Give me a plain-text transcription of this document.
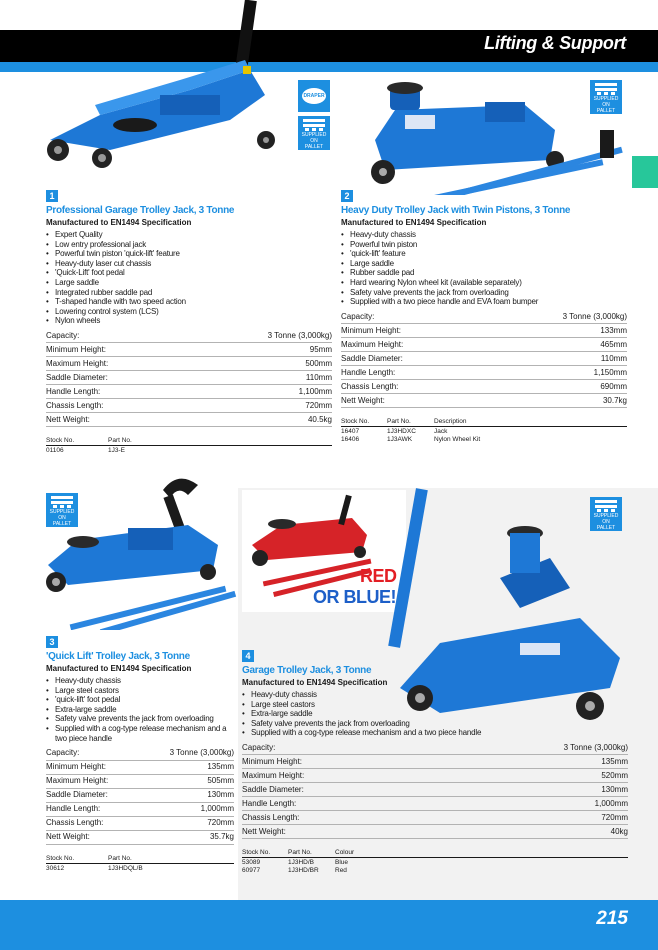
Lifting & Support
DRAPER
SUPPLIED ON
PALLET
SUPPLIED ON
PALLET
SUPPLIED ON
PALLET
RED
OR BLUE!
SUPPLIED ON
PALLET
1
Professional Garage Trolley Jack, 3 Tonne
Manufactured to EN1494 Specification
• Expert Quality
• Low entry professional jack
• Powerful twin piston 'quick-lift' feature
• Heavy-duty laser cut chassis
• 'Quick-Lift' foot pedal
• Large saddle
• Integrated rubber saddle pad
• T-shaped handle with two speed action
• Lowering control system (LCS)
• Nylon wheels
Capacity:	3 Tonne (3,000kg)
Minimum Height:	95mm
Maximum Height:	500mm
Saddle Diameter:	110mm
Handle Length:	1,100mm
Chassis Length:	720mm
Nett Weight:	40.5kg
Stock No.	Part No.
01106	1J3-E
2
Heavy Duty Trolley Jack with Twin Pistons, 3 Tonne
Manufactured to EN1494 Specification
• Heavy-duty chassis
• Powerful twin piston
• 'quick-lift' feature
• Large saddle
• Rubber saddle pad
• Hard wearing Nylon wheel kit (available separately)
• Safety valve prevents the jack from overloading
• Supplied with a two piece handle and EVA foam bumper
Capacity:	3 Tonne (3,000kg)
Minimum Height:	133mm
Maximum Height:	465mm
Saddle Diameter:	110mm
Handle Length:	1,150mm
Chassis Length:	690mm
Nett Weight:	30.7kg
Stock No.	Part No.	Description
16407	1J3HDXC	Jack
16406	1J3AWK	Nylon Wheel Kit
3
'Quick Lift' Trolley Jack, 3 Tonne
Manufactured to EN1494 Specification
• Heavy-duty chassis
• Large steel castors
• 'quick-lift' foot pedal
• Extra-large saddle
• Safety valve prevents the jack from overloading
• Supplied with a cog-type release mechanism and a two piece handle
Capacity:	3 Tonne (3,000kg)
Minimum Height:	135mm
Maximum Height:	505mm
Saddle Diameter:	130mm
Handle Length:	1,000mm
Chassis Length:	720mm
Nett Weight:	35.7kg
Stock No.	Part No.
30612	1J3HDQL/B
4
Garage Trolley Jack, 3 Tonne
Manufactured to EN1494 Specification
• Heavy-duty chassis
• Large steel castors
• Extra-large saddle
• Safety valve prevents the jack from overloading
• Supplied with a cog-type release mechanism and a two piece handle
Capacity:	3 Tonne (3,000kg)
Minimum Height:	135mm
Maximum Height:	520mm
Saddle Diameter:	130mm
Handle Length:	1,000mm
Chassis Length:	720mm
Nett Weight:	40kg
Stock No.	Part No.	Colour
53089	1J3HD/B	Blue
60977	1J3HD/BR	Red
215
